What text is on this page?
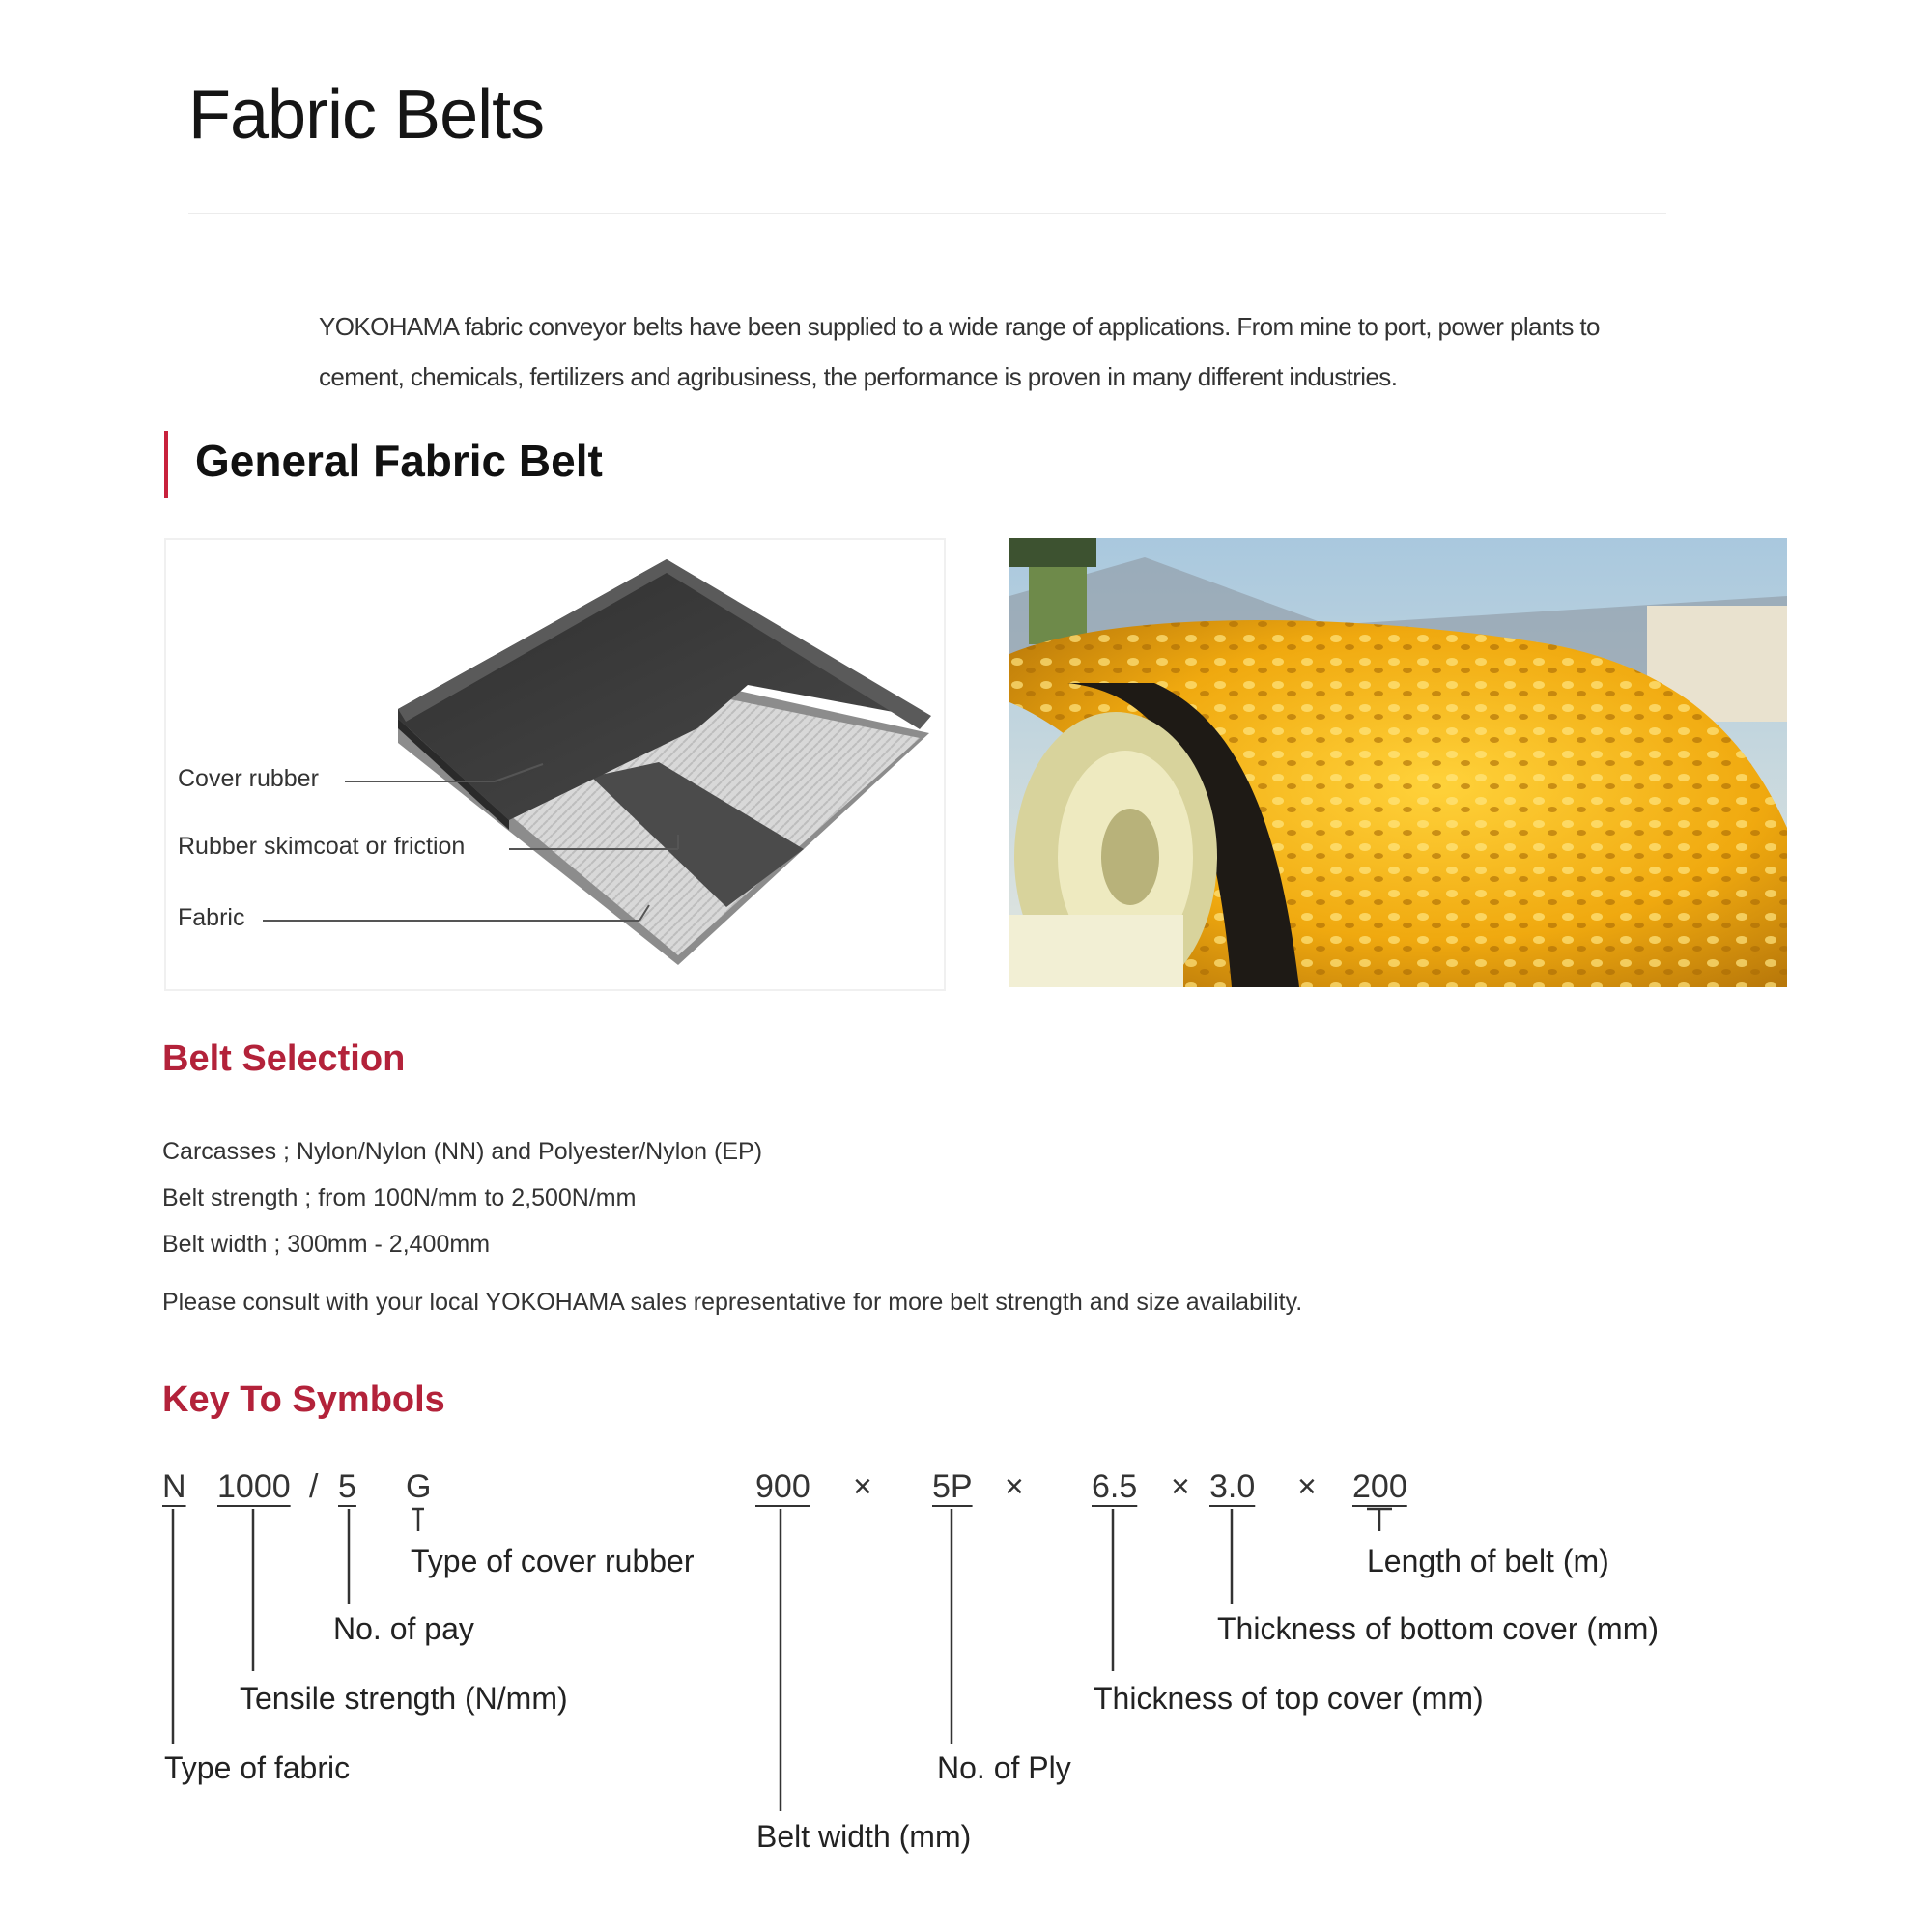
Fabric Belts
YOKOHAMA fabric conveyor belts have been supplied to a wide range of applications. From mine to port, power plants to cement, chemicals, fertilizers and agribusiness, the performance is proven in many different industries.
General Fabric Belt
Cover rubber
Rubber skimcoat or friction
Fabric
Belt Selection
Carcasses ; Nylon/Nylon (NN) and Polyester/Nylon (EP)
Belt strength ; from 100N/mm to 2,500N/mm
Belt width ; 300mm - 2,400mm
Please consult with your local YOKOHAMA sales representative for more belt strength and size availability.
Key To Symbols
N 1000 / 5 G	900 × 5P × 6.5 × 3.0 × 200
Type of cover rubber
No. of pay
Tensile strength (N/mm)
Type of fabric
Length of belt (m)
Thickness of bottom cover (mm)
Thickness of top cover (mm)
No. of Ply
Belt width (mm)
